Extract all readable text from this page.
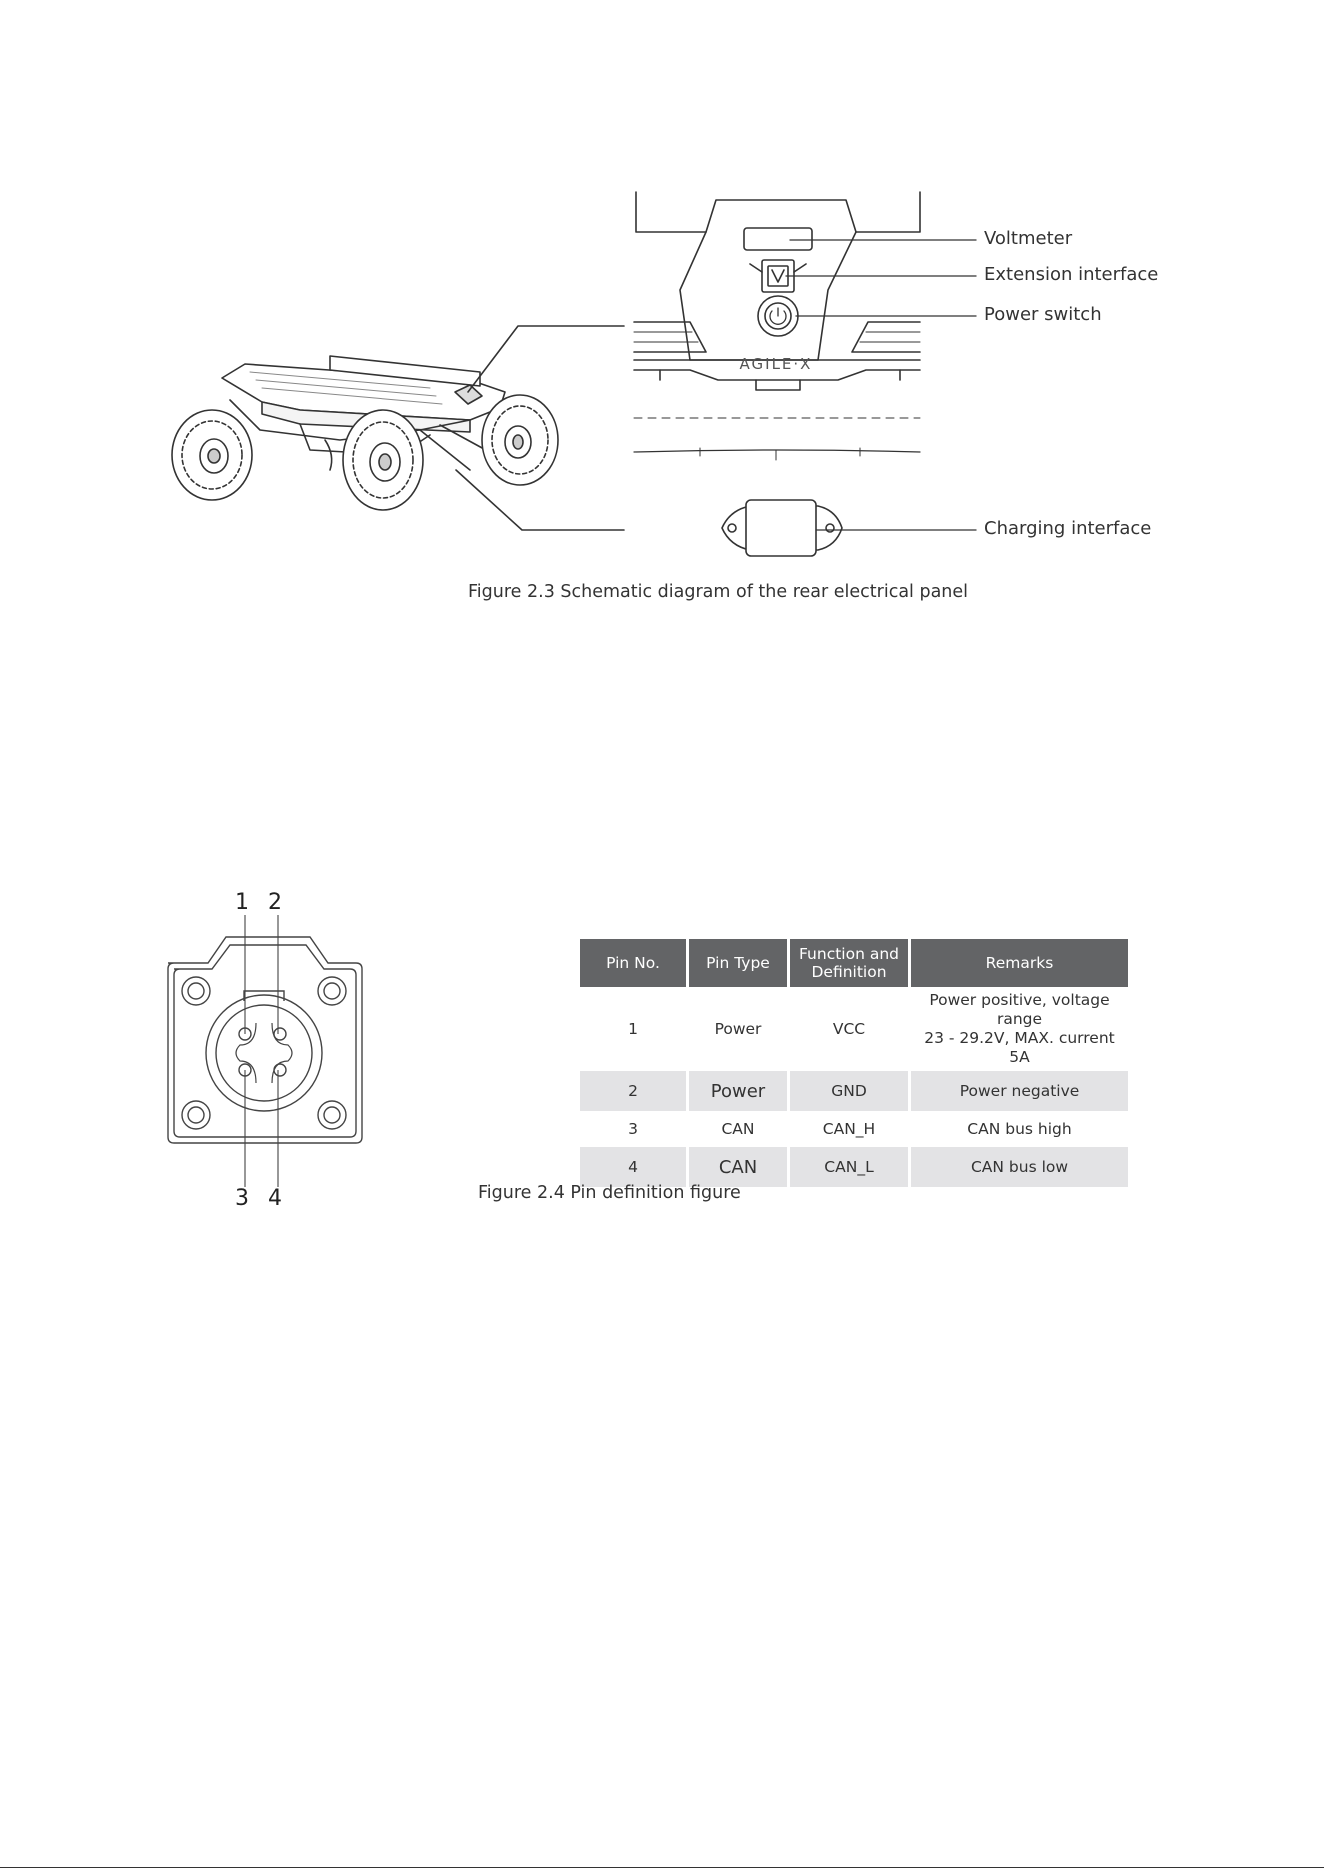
AGILE·X
Voltmeter
Extension interface
Power switch
Charging interface
Figure 2.3 Schematic diagram of the rear electrical panel
1 2
3 4
Pin No.	Pin Type	Function and Definition	Remarks
1	Power	VCC	Power positive, voltage range
23 - 29.2V, MAX. current 5A

2	Power	GND	Power negative
3	CAN	CAN_H	CAN bus high
4	CAN	CAN_L	CAN bus low
Figure 2.4 Pin definition figure
